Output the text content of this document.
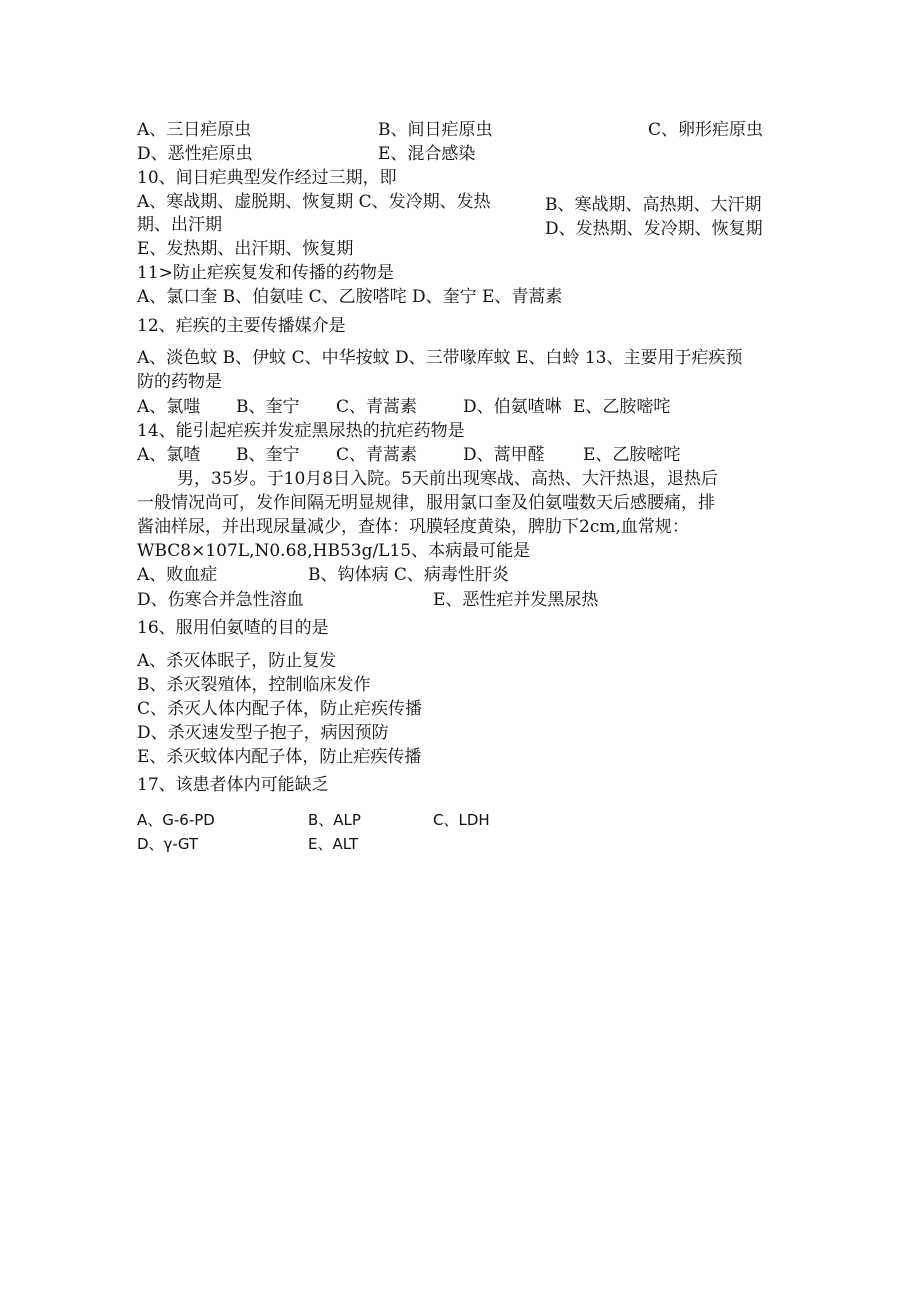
A、三日疟原虫	B、间日疟原虫	C、卵形疟原虫
D、恶性疟原虫	E、混合感染
10、间日疟典型发作经过三期，即
A、寒战期、虚脱期、恢复期 C、发冷期、发热
期、出汗期
B、寒战期、高热期、大汗期
D、发热期、发冷期、恢复期
E、发热期、出汗期、恢复期
11>防止疟疾复发和传播的药物是
A、氯口奎 B、伯氨哇 C、乙胺嗒咤 D、奎宁 E、青蒿素
12、疟疾的主要传播媒介是
A、淡色蚊 B、伊蚊 C、中华按蚊 D、三带喙库蚊 E、白蛉 13、主要用于疟疾预
防的药物是
A、氯嗤 B、奎宁 C、青蒿素	D、伯氨喳啉 E、乙胺嘧咤
14、能引起疟疾并发症黑尿热的抗疟药物是
A、氯喳 B、奎宁 C、青蒿素	D、蒿甲醛 E、乙胺嘧咤
男，35岁。于10月8日入院。5天前出现寒战、高热、大汗热退，退热后
一般情况尚可，发作间隔无明显规律，服用氯口奎及伯氨嗤数天后感腰痛，排
酱油样尿，并出现尿量减少，查体：巩膜轻度黄染，脾肋下2cm,血常规：
WBC8×107L,N0.68,HB53g∕L15、本病最可能是
A、败血症	B、钩体病 C、病毒性肝炎
D、伤寒合并急性溶血	E、恶性疟并发黑尿热
16、服用伯氨喳的目的是
A、杀灭体眠子，防止复发
B、杀灭裂殖体，控制临床发作
C、杀灭人体内配子体，防止疟疾传播
D、杀灭速发型子抱子，病因预防
E、杀灭蚊体内配子体，防止疟疾传播
17、该患者体内可能缺乏
A、G-6-PD	B、ALP	C、LDH
D、γ-GT	E、ALT
